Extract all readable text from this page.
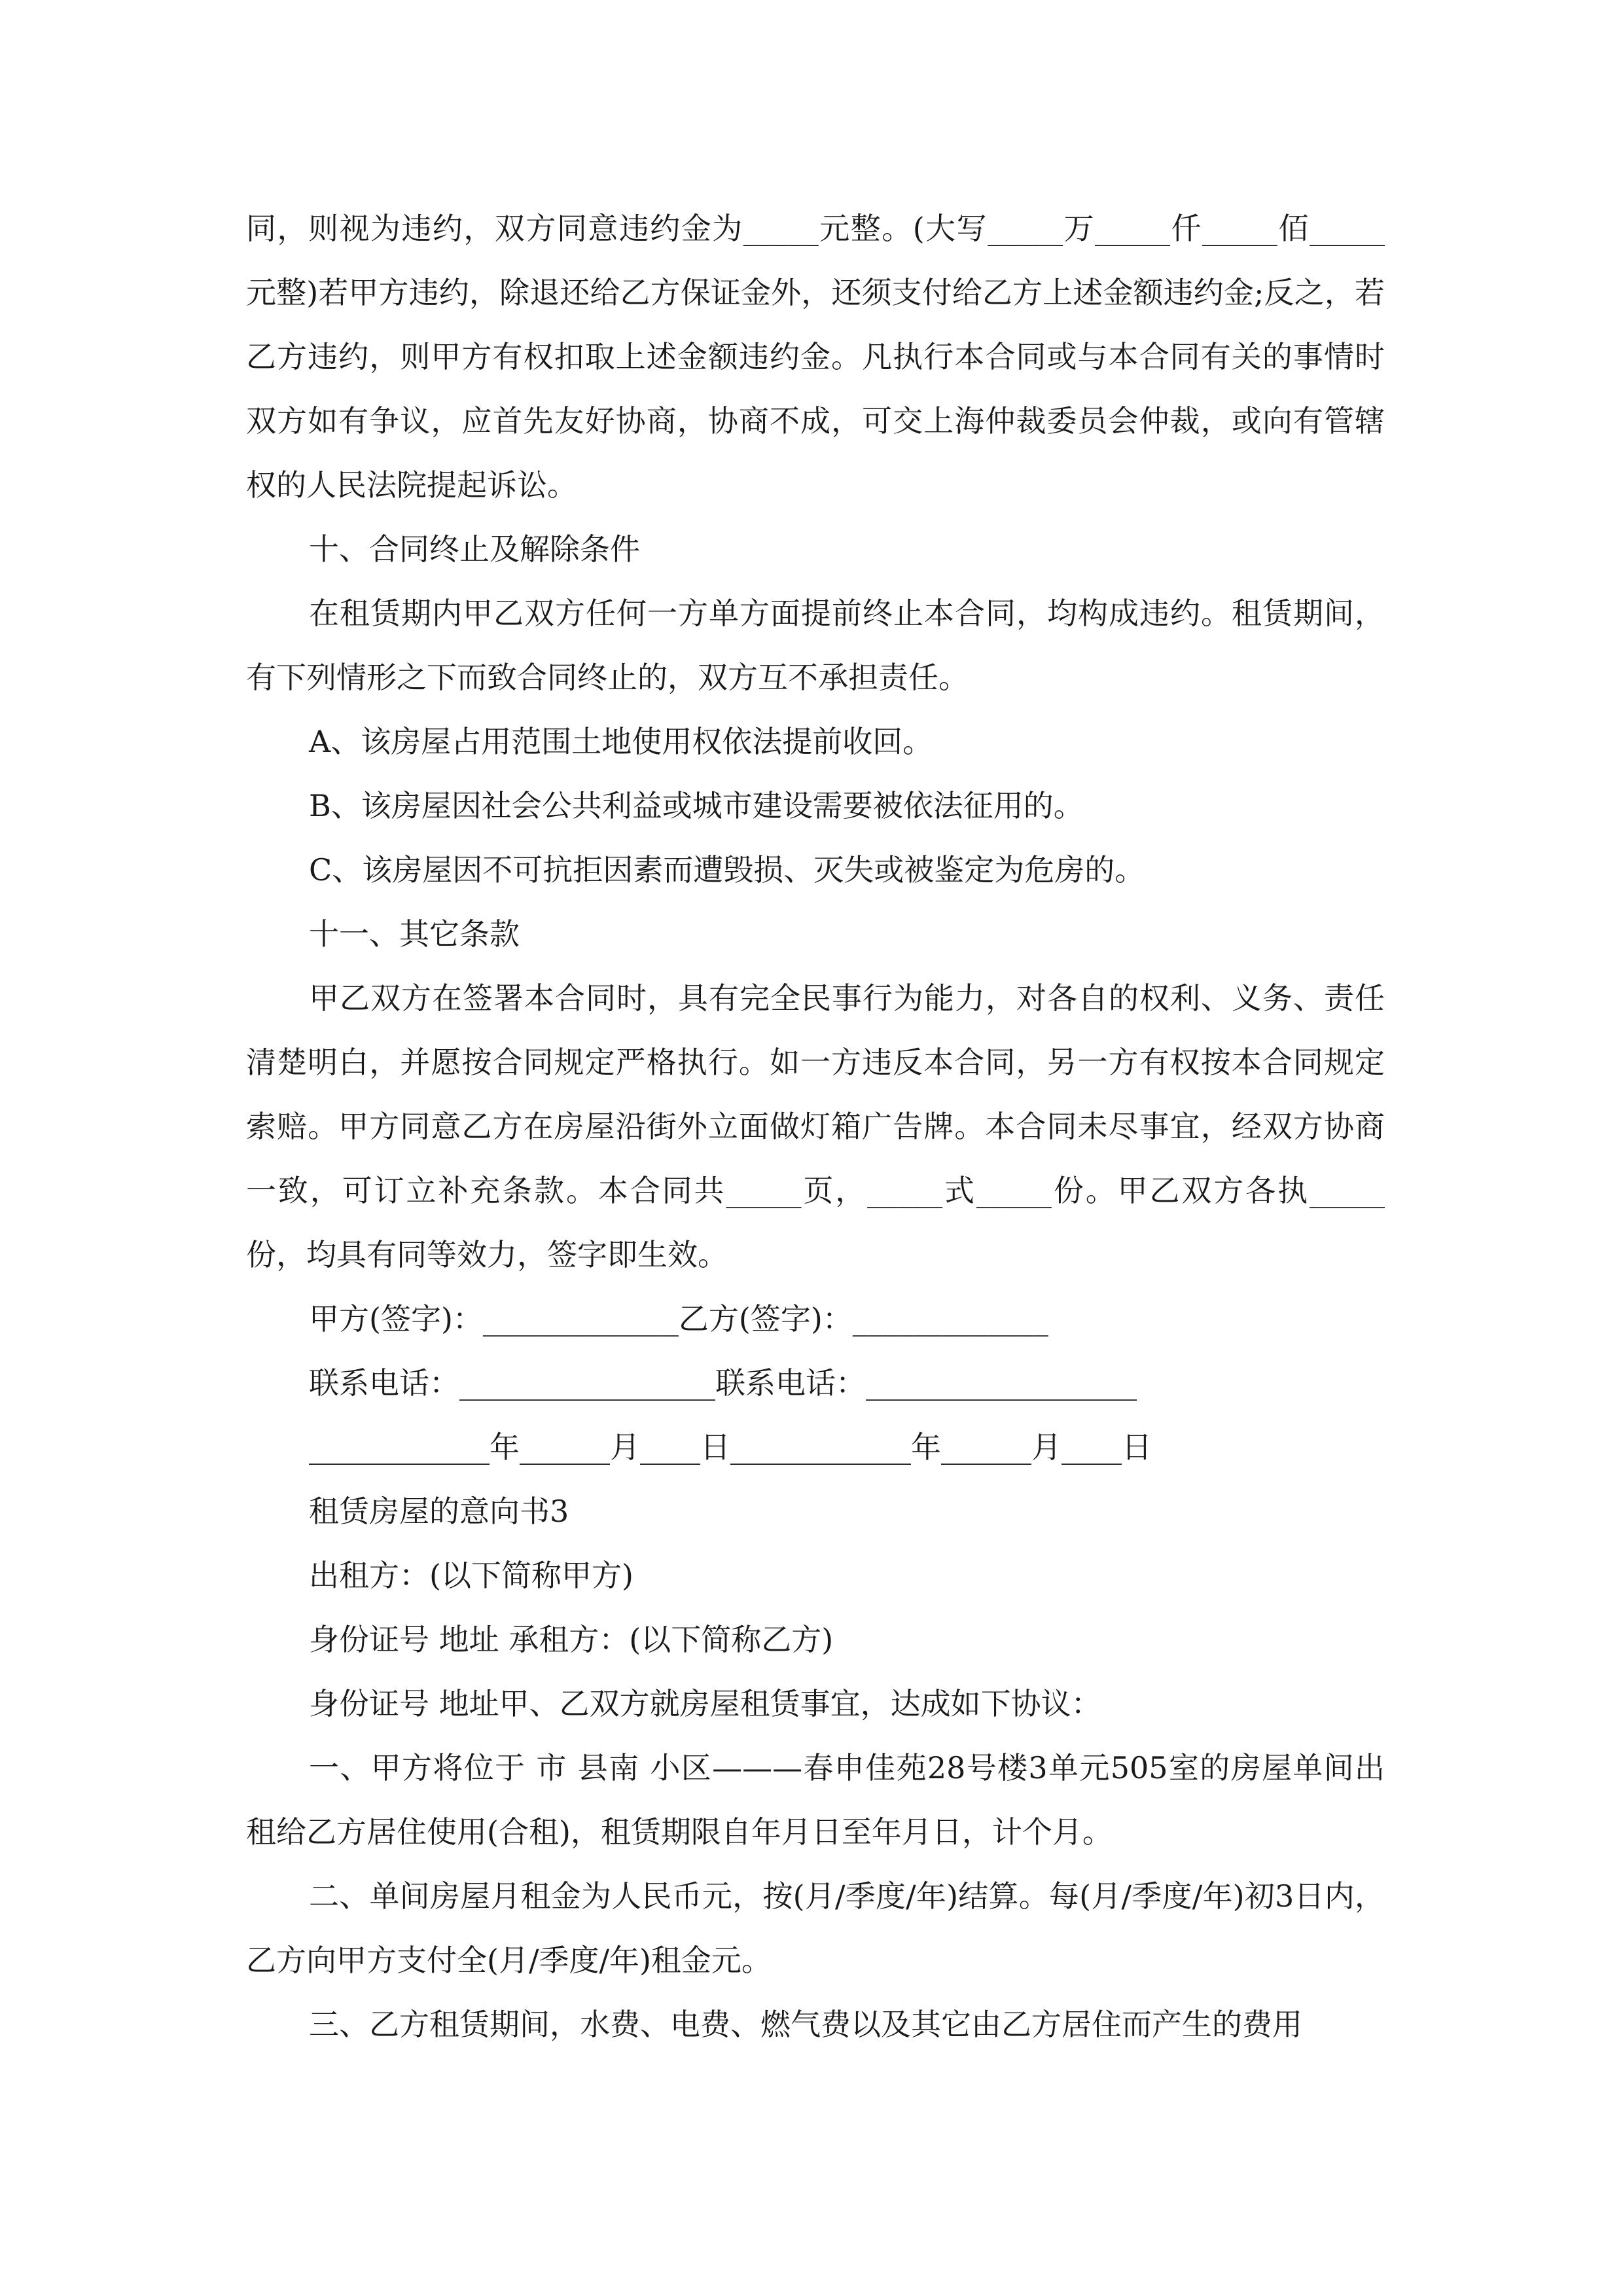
同，则视为违约，双方同意违约金为_____元整。(大写_____万_____仟_____佰_____元整)若甲方违约，除退还给乙方保证金外，还须支付给乙方上述金额违约金;反之，若乙方违约，则甲方有权扣取上述金额违约金。凡执行本合同或与本合同有关的事情时双方如有争议，应首先友好协商，协商不成，可交上海仲裁委员会仲裁，或向有管辖权的人民法院提起诉讼。

十、合同终止及解除条件

在租赁期内甲乙双方任何一方单方面提前终止本合同，均构成违约。租赁期间，有下列情形之下而致合同终止的，双方互不承担责任。

A、该房屋占用范围土地使用权依法提前收回。

B、该房屋因社会公共利益或城市建设需要被依法征用的。

C、该房屋因不可抗拒因素而遭毁损、灭失或被鉴定为危房的。

十一、其它条款

甲乙双方在签署本合同时，具有完全民事行为能力，对各自的权利、义务、责任清楚明白，并愿按合同规定严格执行。如一方违反本合同，另一方有权按本合同规定索赔。甲方同意乙方在房屋沿街外立面做灯箱广告牌。本合同未尽事宜，经双方协商一致，可订立补充条款。本合同共_____页，_____式_____份。甲乙双方各执_____份，均具有同等效力，签字即生效。

甲方(签字)：_____________乙方(签字)：_____________

联系电话：_________________联系电话：__________________

____________年______月____日____________年______月____日

租赁房屋的意向书3

出租方：(以下简称甲方)

身份证号 地址 承租方：(以下简称乙方)

身份证号 地址甲、乙双方就房屋租赁事宜，达成如下协议：

一、甲方将位于 市 县南 小区———春申佳苑28号楼3单元505室的房屋单间出租给乙方居住使用(合租)，租赁期限自年月日至年月日，计个月。

二、单间房屋月租金为人民币元，按(月/季度/年)结算。每(月/季度/年)初3日内，乙方向甲方支付全(月/季度/年)租金元。

三、乙方租赁期间，水费、电费、燃气费以及其它由乙方居住而产生的费用
